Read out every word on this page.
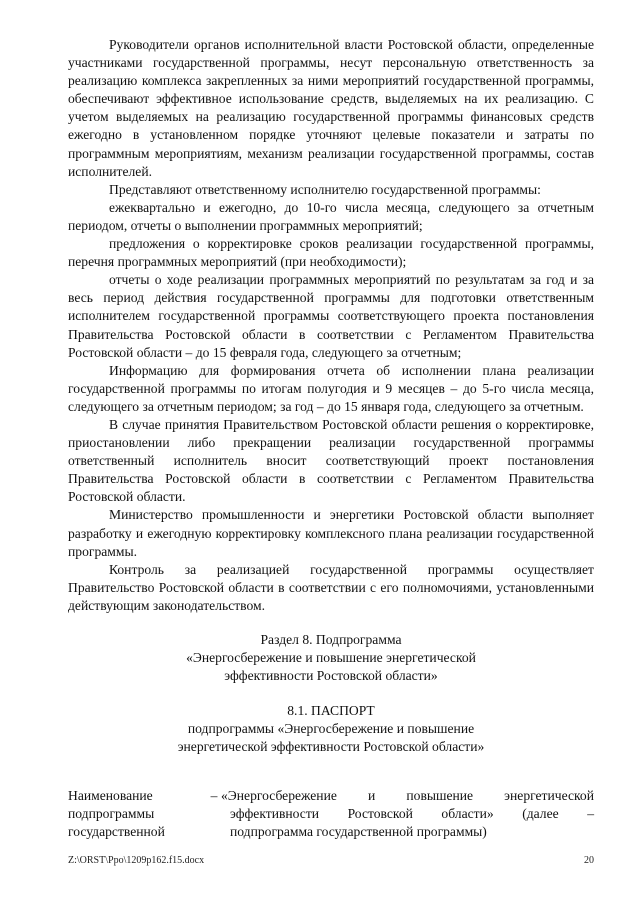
Руководители органов исполнительной власти Ростовской области, определенные участниками государственной программы, несут персональную ответственность за реализацию комплекса закрепленных за ними мероприятий государственной программы, обеспечивают эффективное использование средств, выделяемых на их реализацию. С учетом выделяемых на реализацию государственной программы финансовых средств ежегодно в установленном порядке уточняют целевые показатели и затраты по программным мероприятиям, механизм реализации государственной программы, состав исполнителей.

Представляют ответственному исполнителю государственной программы:

ежеквартально и ежегодно, до 10-го числа месяца, следующего за отчетным периодом, отчеты о выполнении программных мероприятий;

предложения о корректировке сроков реализации государственной программы, перечня программных мероприятий (при необходимости);

отчеты о ходе реализации программных мероприятий по результатам за год и за весь период действия государственной программы для подготовки ответственным исполнителем государственной программы соответствующего проекта постановления Правительства Ростовской области в соответствии с Регламентом Правительства Ростовской области – до 15 февраля года, следующего за отчетным;

Информацию для формирования отчета об исполнении плана реализации государственной программы по итогам полугодия и 9 месяцев – до 5-го числа месяца, следующего за отчетным периодом; за год – до 15 января года, следующего за отчетным.

В случае принятия Правительством Ростовской области решения о корректировке, приостановлении либо прекращении реализации государственной программы ответственный исполнитель вносит соответствующий проект постановления Правительства Ростовской области в соответствии с Регламентом Правительства Ростовской области.

Министерство промышленности и энергетики Ростовской области выполняет разработку и ежегодную корректировку комплексного плана реализации государственной программы.

Контроль за реализацией государственной программы осуществляет Правительство Ростовской области в соответствии с его полномочиями, установленными действующим законодательством.

Раздел 8. Подпрограмма
«Энергосбережение и повышение энергетической
эффективности Ростовской области»
8.1. ПАСПОРТ
подпрограммы «Энергосбережение и повышение
энергетической эффективности Ростовской области»
Наименование
подпрограммы
государственной
– «Энергосбережение и повышение энергетической
эффективности Ростовской области» (далее –
подпрограмма государственной программы)
Z:\ORST\Ppo\1209p162.f15.docx	20
